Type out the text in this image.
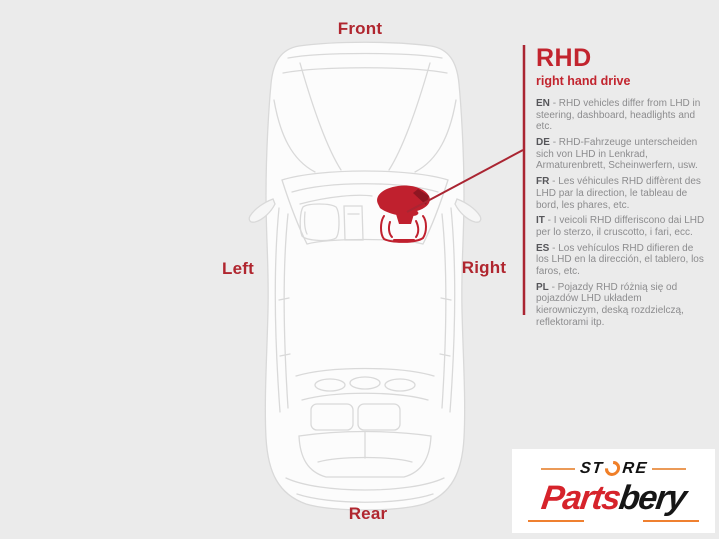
Front
Left	Right
Rear
RHD
right hand drive

EN - RHD vehicles differ from LHD in steering, dashboard, headlights and etc.

DE - RHD-Fahrzeuge unterscheiden sich von LHD in Lenkrad, Armaturenbrett, Scheinwerfern, usw.

FR - Les véhicules RHD diffèrent des LHD par la direction, le tableau de bord, les phares, etc.

IT - I veicoli RHD differiscono dai LHD per lo sterzo, il cruscotto, i fari, ecc.

ES - Los vehículos RHD difieren de los LHD en la dirección, el tablero, los faros, etc.

PL - Pojazdy RHD różnią się od pojazdów LHD układem kierowniczym, deską rozdzielczą, reflektorami itp.

ST RE
Partsbery
